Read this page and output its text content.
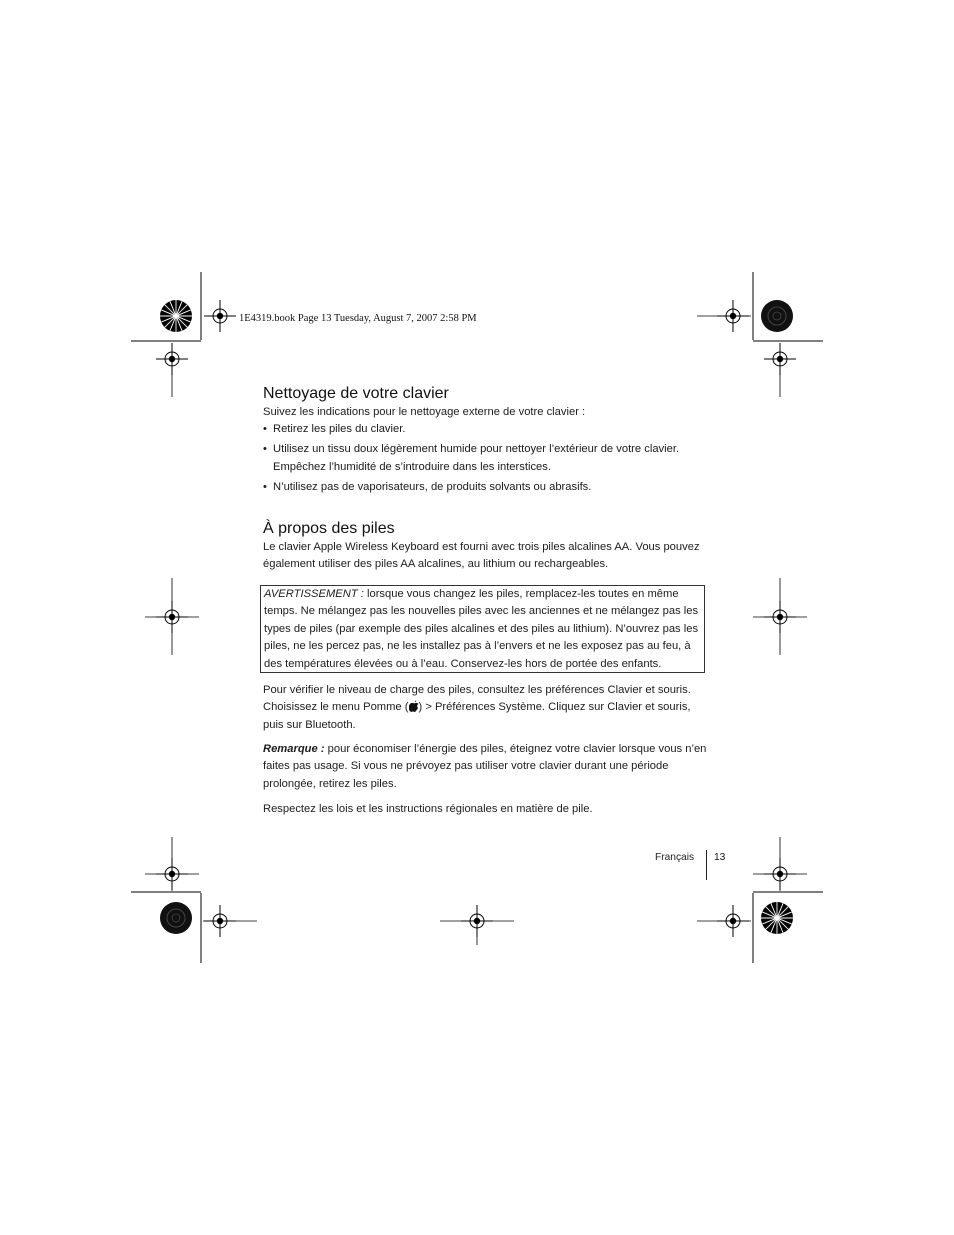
1E4319.book Page 13 Tuesday, August 7, 2007 2:58 PM
Nettoyage de votre clavier

Suivez les indications pour le nettoyage externe de votre clavier :

• Retirez les piles du clavier.
• Utilisez un tissu doux légèrement humide pour nettoyer l’extérieur de votre clavier. Empêchez l’humidité de s’introduire dans les interstices.
• N’utilisez pas de vaporisateurs, de produits solvants ou abrasifs.
À propos des piles

Le clavier Apple Wireless Keyboard est fourni avec trois piles alcalines AA. Vous pouvez également utiliser des piles AA alcalines, au lithium ou rechargeables.

AVERTISSEMENT : lorsque vous changez les piles, remplacez-les toutes en même temps. Ne mélangez pas les nouvelles piles avec les anciennes et ne mélangez pas les types de piles (par exemple des piles alcalines et des piles au lithium). N’ouvrez pas les piles, ne les percez pas, ne les installez pas à l’envers et ne les exposez pas au feu, à des températures élevées ou à l’eau. Conservez-les hors de portée des enfants.

Pour vérifier le niveau de charge des piles, consultez les préférences Clavier et souris. Choisissez le menu Pomme ( ) > Préférences Système. Cliquez sur Clavier et souris, puis sur Bluetooth.

Remarque : pour économiser l’énergie des piles, éteignez votre clavier lorsque vous n’en faites pas usage. Si vous ne prévoyez pas utiliser votre clavier durant une période prolongée, retirez les piles.

Respectez les lois et les instructions régionales en matière de pile.

Français 13
